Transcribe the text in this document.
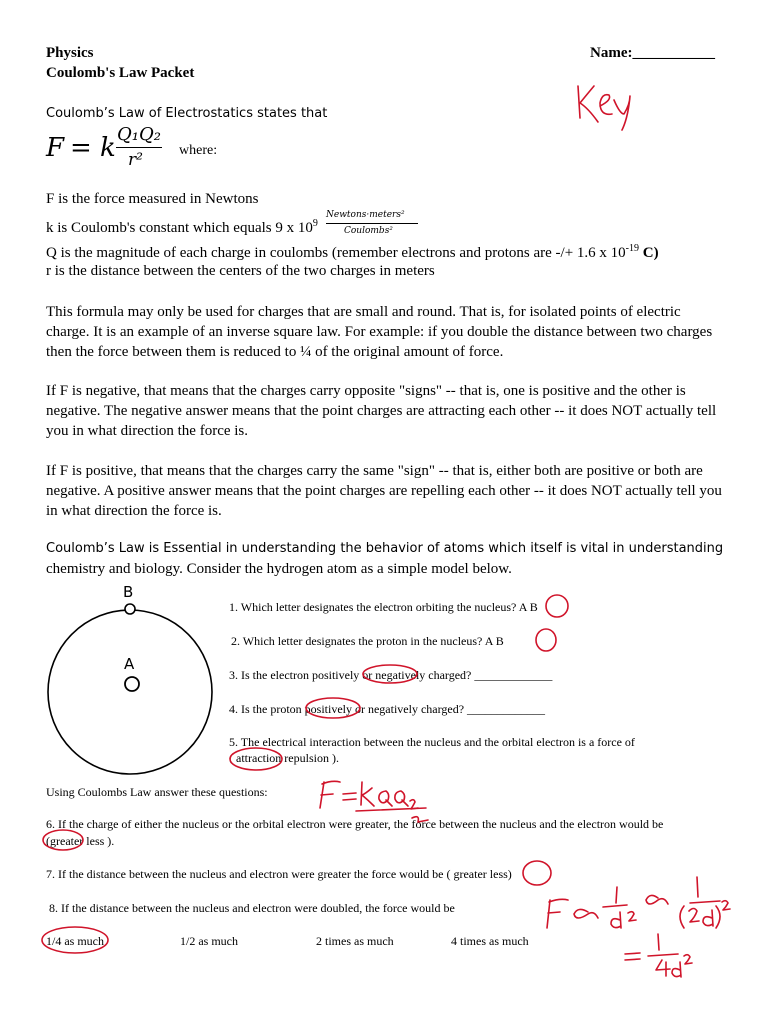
Physics
Coulomb's Law Packet
Name:___________
Coulomb’s Law of Electrostatics states that
F = k Q₁Q₂
r²	where:
F is the force measured in Newtons
k is Coulomb's constant which equals 9 x $10^9$
Newtons·meters²
Coulombs²
Q is the magnitude of each charge in coulombs (remember electrons and protons are -/+ 1.6 x $10^{-19}$ C)
r is the distance between the centers of the two charges in meters
This formula may only be used for charges that are small and round. That is, for isolated points of electric charge. It is an example of an inverse square law. For example: if you double the distance between two charges then the force between them is reduced to ¼ of the original amount of force.
If F is negative, that means that the charges carry opposite "signs" -- that is, one is positive and the other is negative. The negative answer means that the point charges are attracting each other -- it does NOT actually tell you in what direction the force is.
If F is positive, that means that the charges carry the same "sign" -- that is, either both are positive or both are negative. A positive answer means that the point charges are repelling each other -- it does NOT actually tell you in what direction the force is.
Coulomb’s Law is Essential in understanding the behavior of atoms which itself is vital in understanding
chemistry and biology. Consider the hydrogen atom as a simple model below.
B
A
1. Which letter designates the electron orbiting the nucleus? A B
2. Which letter designates the proton in the nucleus? A B
3. Is the electron positively or negatively charged? _____________
4. Is the proton positively or negatively charged? _____________
5. The electrical interaction between the nucleus and the orbital electron is a force of
( attraction repulsion ).
Using Coulombs Law answer these questions:
6. If the charge of either the nucleus or the orbital electron were greater, the force between the nucleus and the electron would be
(greater less ).
7. If the distance between the nucleus and electron were greater the force would be ( greater less)
8. If the distance between the nucleus and electron were doubled, the force would be
1/4 as much	1/2 as much	2 times as much	4 times as much
